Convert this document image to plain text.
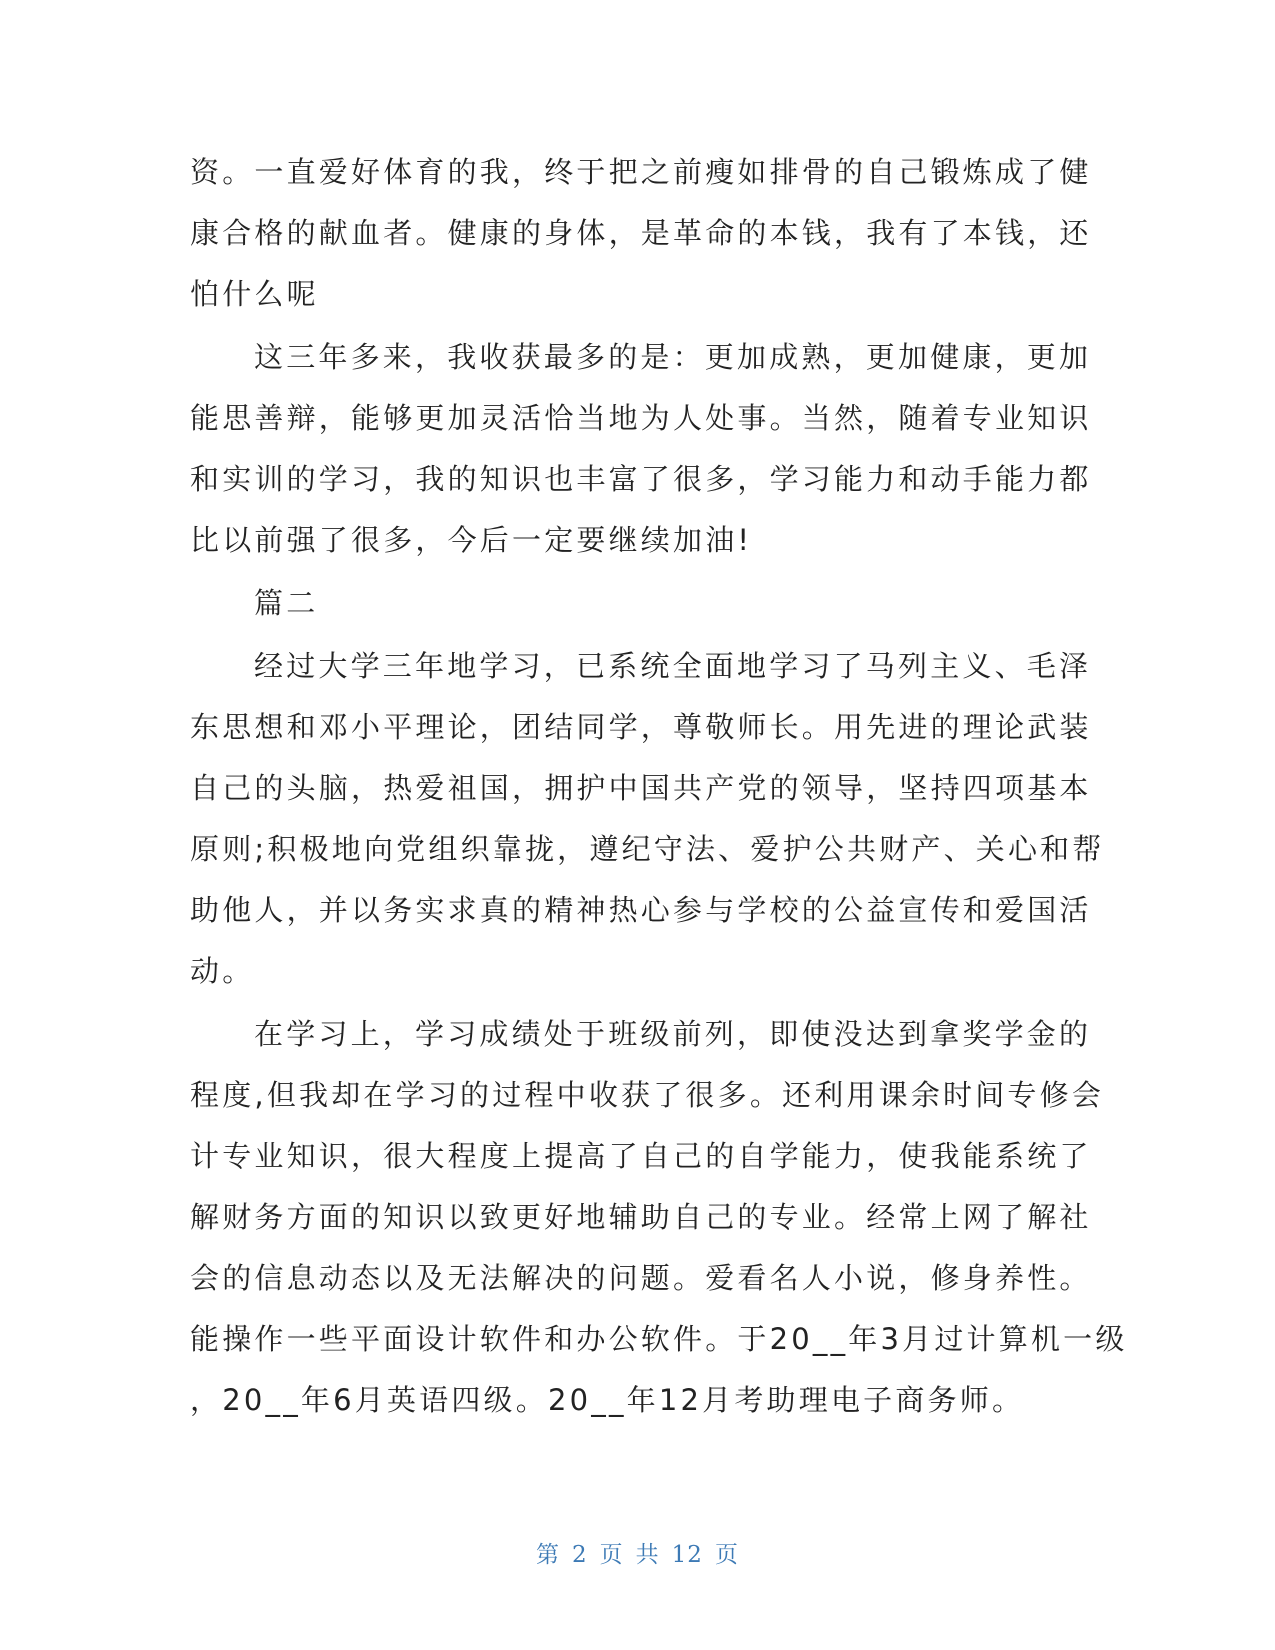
资。一直爱好体育的我，终于把之前瘦如排骨的自己锻炼成了健
康合格的献血者。健康的身体，是革命的本钱，我有了本钱，还
怕什么呢

这三年多来，我收获最多的是：更加成熟，更加健康，更加
能思善辩，能够更加灵活恰当地为人处事。当然，随着专业知识
和实训的学习，我的知识也丰富了很多，学习能力和动手能力都
比以前强了很多，今后一定要继续加油!

篇二

经过大学三年地学习，已系统全面地学习了马列主义、毛泽
东思想和邓小平理论，团结同学，尊敬师长。用先进的理论武装
自己的头脑，热爱祖国，拥护中国共产党的领导，坚持四项基本
原则;积极地向党组织靠拢，遵纪守法、爱护公共财产、关心和帮
助他人，并以务实求真的精神热心参与学校的公益宣传和爱国活
动。

在学习上，学习成绩处于班级前列，即使没达到拿奖学金的
程度,但我却在学习的过程中收获了很多。还利用课余时间专修会
计专业知识，很大程度上提高了自己的自学能力，使我能系统了
解财务方面的知识以致更好地辅助自己的专业。经常上网了解社
会的信息动态以及无法解决的问题。爱看名人小说，修身养性。
能操作一些平面设计软件和办公软件。于20__年3月过计算机一级
，20__年6月英语四级。20__年12月考助理电子商务师。

第 2 页 共 12 页
